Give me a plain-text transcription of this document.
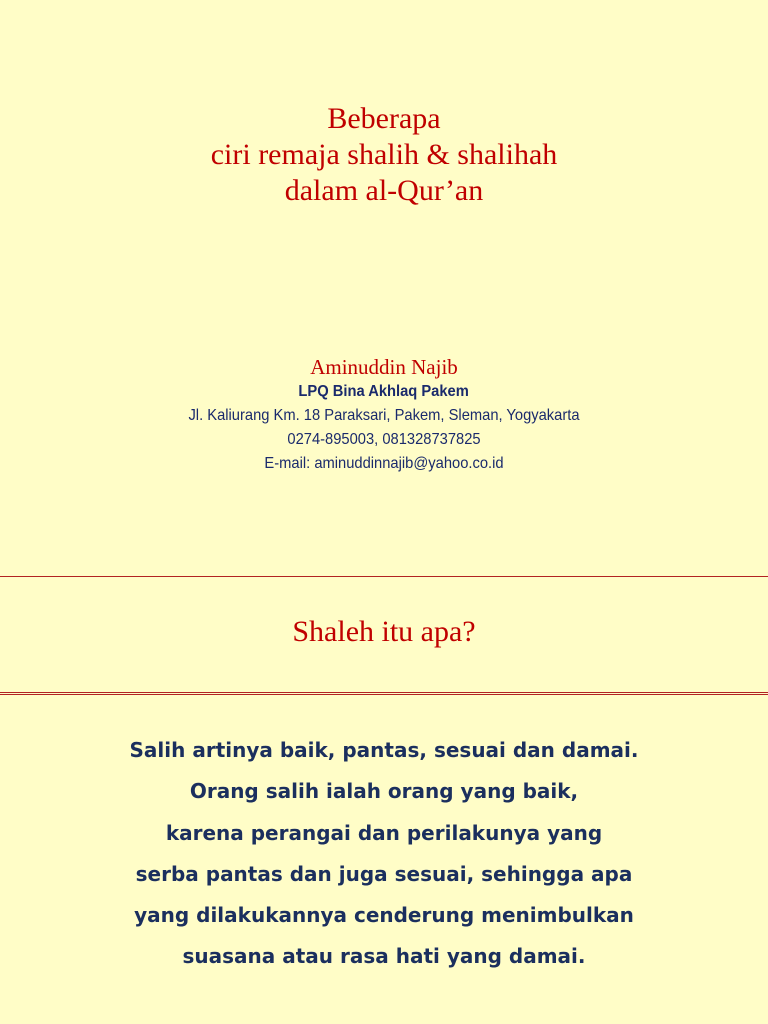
Beberapa

ciri remaja shalih & shalihah

dalam al-Qur’an

Aminuddin Najib
LPQ Bina Akhlaq Pakem
Jl. Kaliurang Km. 18 Paraksari, Pakem, Sleman, Yogyakarta
0274-895003, 081328737825
E-mail: aminuddinnajib@yahoo.co.id

Shaleh itu apa?

Salih artinya baik, pantas, sesuai dan damai.
Orang salih ialah orang yang baik,
karena perangai dan perilakunya yang
serba pantas dan juga sesuai, sehingga apa
yang dilakukannya cenderung menimbulkan
suasana atau rasa hati yang damai.
